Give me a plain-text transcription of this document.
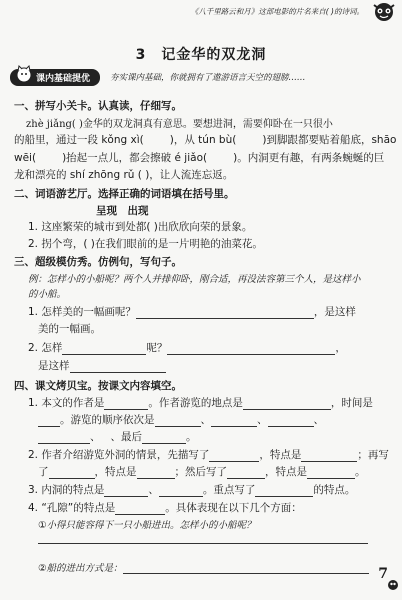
《八千里路云和月》这部电影的片名来自( )的诗词。
3　记金华的双龙洞
课内基础提优	夯实课内基础，你就拥有了遨游语言天空的翅膀……
一、拼写小关卡。认真读，仔细写。
zhè jiǎng( )金华的双龙洞真有意思。要想进洞，需要仰卧在一只很小
的船里，通过一段 kǒng xì( )，从 tún bù( )到脚跟都要贴着船底，shāo
wēi( )抬起一点儿，都会擦破 é jiǎo( )。内洞更有趣，有两条蜿蜒的巨
龙和漂亮的 shí zhōng rǔ ( )，让人流连忘返。
二、词语游艺厅。选择正确的词语填在括号里。
呈现　出现
1. 这座繁荣的城市到处都( )出欣欣向荣的景象。
2. 拐个弯，( )在我们眼前的是一片明艳的油菜花。
三、超级模仿秀。仿例句，写句子。
例：怎样小的小船呢？两个人并排仰卧，刚合适，再没法容第三个人，是这样小
的小船。
1. 怎样美的一幅画呢？	，是这样
美的一幅画。
2. 怎样	呢？	，
是这样
四、课文烤贝宝。按课文内容填空。
1. 本文的作者是	。作者游览的地点是	，时间是
。游览的顺序依次是	、	、	、
、 、最后	。
2. 作者介绍游览外洞的情景，先描写了	，特点是	；再写
了	，特点是	；然后写了	，特点是	。
3. 内洞的特点是	、	。重点写了	的特点。
4. “孔隙”的特点是	。具体表现在以下几个方面：
①小得只能容得下一只小船进出。怎样小的小船呢？
②船的进出方式是：	7
